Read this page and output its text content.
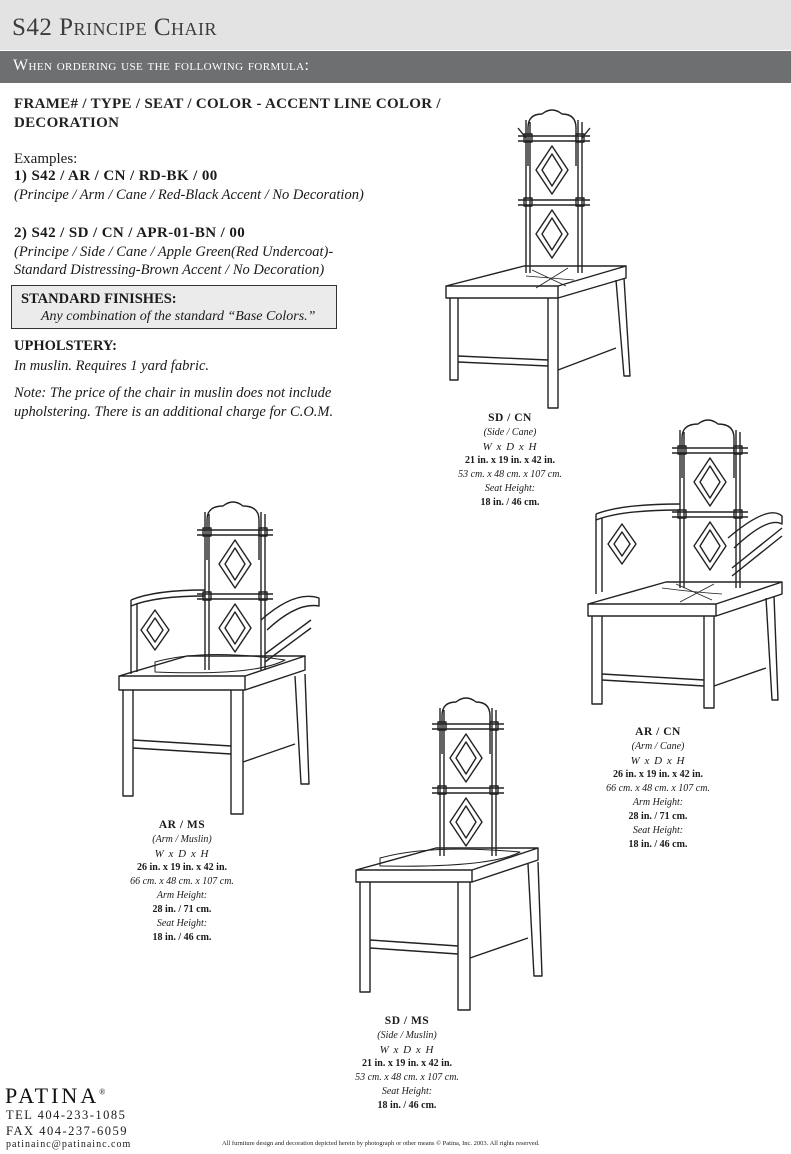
S42 Principe Chair
When ordering use the following formula:
FRAME# / TYPE / SEAT / COLOR - ACCENT LINE COLOR /
DECORATION
Examples:
1) S42 / AR / CN / RD-BK / 00
(Principe / Arm / Cane / Red-Black Accent / No Decoration)
2) S42 / SD / CN / APR-01-BN / 00
(Principe / Side / Cane / Apple Green(Red Undercoat)-
Standard Distressing-Brown Accent / No Decoration)
STANDARD FINISHES:
Any combination of the standard “Base Colors.”
UPHOLSTERY:
In muslin. Requires 1 yard fabric.
Note: The price of the chair in muslin does not include
upholstering. There is an additional charge for C.O.M.	SD / CN
(Side / Cane)
W x D x H
21 in. x 19 in. x 42 in.
53 cm. x 48 cm. x 107 cm.
Seat Height:
18 in. / 46 cm.
AR / CN
(Arm / Cane)
W x D x H
26 in. x 19 in. x 42 in.
66 cm. x 48 cm. x 107 cm.
Arm Height:
28 in. / 71 cm.
Seat Height:
18 in. / 46 cm.
AR / MS
(Arm / Muslin)
W x D x H
26 in. x 19 in. x 42 in.
66 cm. x 48 cm. x 107 cm.
Arm Height:
28 in. / 71 cm.
Seat Height:
18 in. / 46 cm.
SD / MS
(Side / Muslin)
W x D x H
21 in. x 19 in. x 42 in.
53 cm. x 48 cm. x 107 cm.
Seat Height:
18 in. / 46 cm.
PATINA®
TEL 404-233-1085
FAX 404-237-6059
patinainc@patinainc.com	All furniture design and decoration depicted herein by photograph or other means © Patina, Inc. 2003. All rights reserved.
